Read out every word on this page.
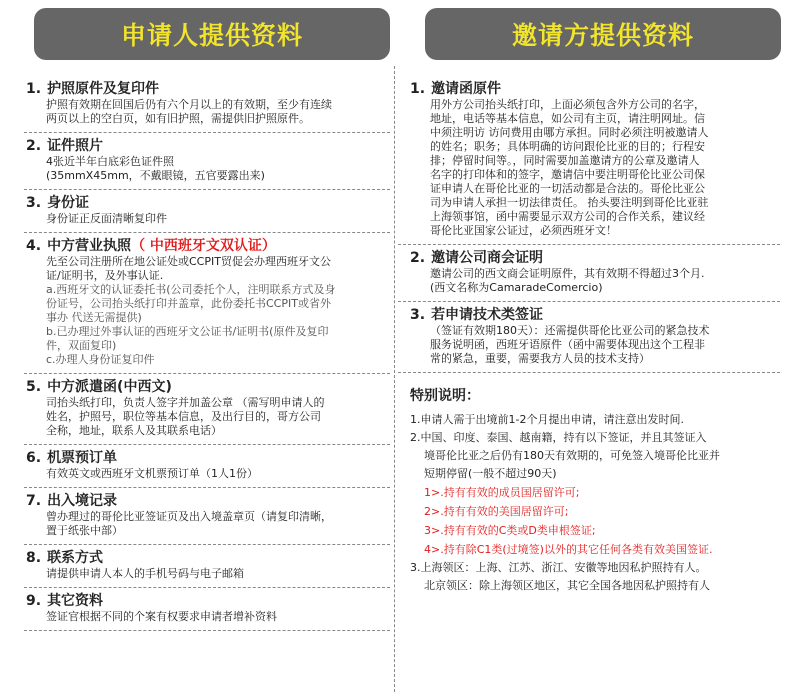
申请人提供资料	邀请方提供资料
1. 护照原件及复印件
护照有效期在回国后仍有六个月以上的有效期，至少有连续
两页以上的空白页，如有旧护照，需提供旧护照原件。
2. 证件照片
4张近半年白底彩色证件照
(35mmX45mm，不戴眼镜，五官要露出来)
3. 身份证
身份证正反面清晰复印件
4. 中方营业执照（ 中西班牙文双认证）
先至公司注册所在地公证处或CCPIT贸促会办理西班牙文公
证/证明书，及外事认证.
a.西班牙文的认证委托书(公司委托个人，注明联系方式及身
份证号，公司抬头纸打印并盖章，此份委托书CCPIT或省外
事办 代送无需提供)
b.已办理过外事认证的西班牙文公证书/证明书(原件及复印
件，双面复印)
c.办理人身份证复印件
5. 中方派遣函(中西文)
司抬头纸打印，负责人签字并加盖公章 （需写明申请人的
姓名，护照号，职位等基本信息，及出行目的，哥方公司
全称，地址，联系人及其联系电话）
6. 机票预订单
有效英文或西班牙文机票预订单（1人1份）
7. 出入境记录
曾办理过的哥伦比亚签证页及出入境盖章页（请复印清晰，
置于纸张中部）
8. 联系方式
请提供申请人本人的手机号码与电子邮箱
9. 其它资料
签证官根据不同的个案有权要求申请者增补资料
1. 邀请函原件
用外方公司抬头纸打印，上面必须包含外方公司的名字，
地址，电话等基本信息，如公司有主页，请注明网址。信
中须注明访 访问费用由哪方承担。同时必须注明被邀请人
的姓名；职务；具体明确的访问跟伦比亚的目的；行程安
排；停留时间等。，同时需要加盖邀请方的公章及邀请人
名字的打印体和的签字，邀请信中要注明哥伦比亚公司保
证申请人在哥伦比亚的一切活动都是合法的。哥伦比亚公
司为申请人承担一切法律责任。 抬头要注明到哥伦比亚驻
上海领事馆，函中需要显示双方公司的合作关系，建议经
哥伦比亚国家公证过，必须西班牙文！
2. 邀请公司商会证明
邀请公司的西文商会证明原件，其有效期不得超过3个月.
(西文名称为CamaradeComercio)
3. 若申请技术类签证
（签证有效期180天）：还需提供哥伦比亚公司的紧急技术
服务说明函，西班牙语原件（函中需要体现出这个工程非
常的紧急，重要，需要我方人员的技术支持）
特别说明：
1.申请人需于出境前1-2个月提出申请，请注意出发时间.
2.中国、印度、泰国、越南籍，持有以下签证，并且其签证入
境哥伦比亚之后仍有180天有效期的，可免签入境哥伦比亚并
短期停留(一般不超过90天)
1>.持有有效的成员国居留许可;
2>.持有有效的美国居留许可;
3>.持有有效的C类或D类申根签证;
4>.持有除C1类(过境签)以外的其它任何各类有效美国签证.
3.上海领区：上海、江苏、浙江、安徽等地因私护照持有人。
北京领区：除上海领区地区，其它全国各地因私护照持有人
